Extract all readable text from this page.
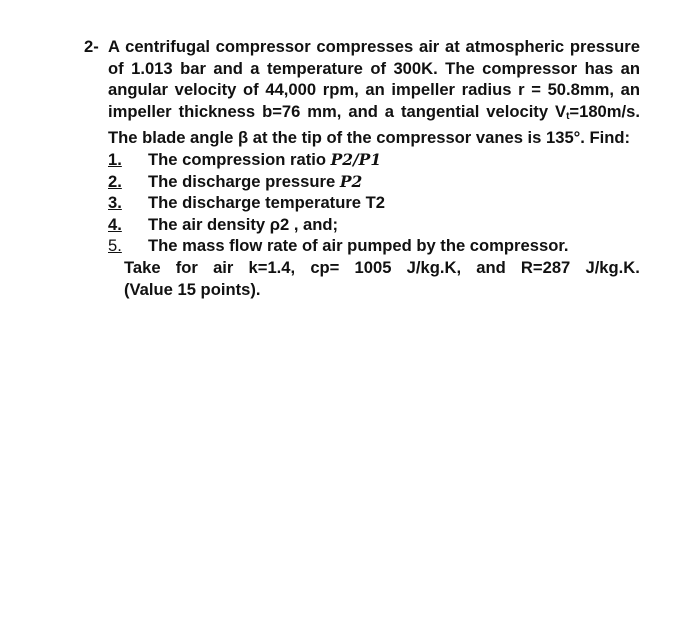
2- A centrifugal compressor compresses air at atmospheric pressure of 1.013 bar and a temperature of 300K. The compressor has an angular velocity of 44,000 rpm, an impeller radius r = 50.8mm, an impeller thickness b=76 mm, and a tangential velocity Vt=180m/s. The blade angle β at the tip of the compressor vanes is 135°. Find:
1. The compression ratio P2/P1
2. The discharge pressure P2
3. The discharge temperature T2
4. The air density ρ2 , and;
5. The mass flow rate of air pumped by the compressor.
Take for air k=1.4, cp= 1005 J/kg.K, and R=287 J/kg.K.
(Value 15 points).
